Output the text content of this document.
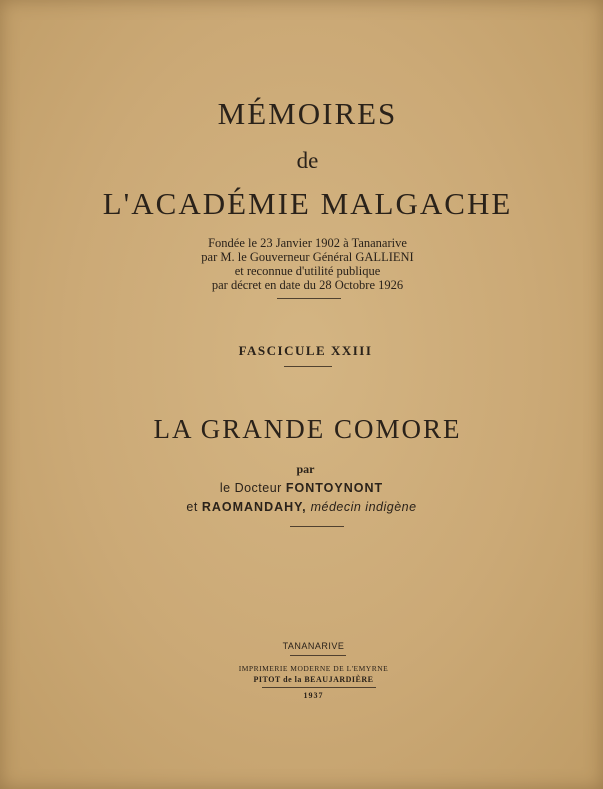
MÉMOIRES
de
L'ACADÉMIE MALGACHE
Fondée le 23 Janvier 1902 à Tananarive
par M. le Gouverneur Général GALLIENI
et reconnue d'utilité publique
par décret en date du 28 Octobre 1926
FASCICULE XXIII
LA GRANDE COMORE
par
le Docteur FONTOYNONT
et RAOMANDAHY, médecin indigène
TANANARIVE
IMPRIMERIE MODERNE DE L'EMYRNE
PITOT de la BEAUJARDIÈRE
1937
